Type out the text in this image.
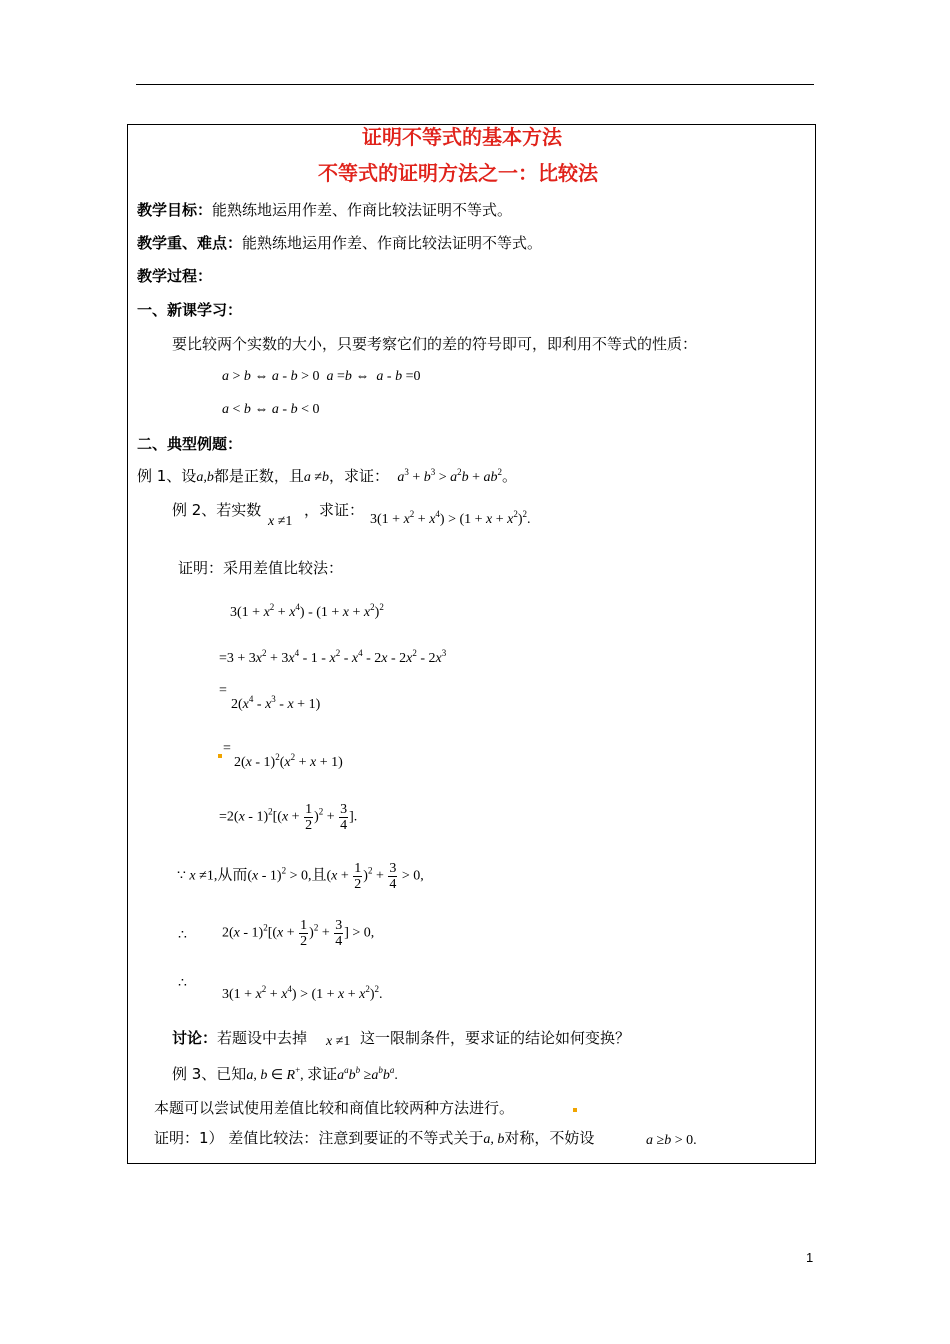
证明不等式的基本方法
不等式的证明方法之一：比较法
教学目标：能熟练地运用作差、作商比较法证明不等式。
教学重、难点：能熟练地运用作差、作商比较法证明不等式。
教学过程：
一、新课学习：
要比较两个实数的大小，只要考察它们的差的符号即可，即利用不等式的性质：
a > b ⇔ a - b > 0  a =b ⇔  a - b =0
a < b ⇔ a - b < 0
二、典型例题：
例 1、设a,b都是正数，且a ≠b，求证： $a^3 + b^3 > a^2b + ab^2$。
例 2、若实数
x ≠1
，求证：
$3(1 + x^2 + x^4) > (1 + x + x^2)^2$.
证明：采用差值比较法：
$3(1 + x^2 + x^4) - (1 + x + x^2)^2$
$=3 + 3x^2 + 3x^4 - 1 - x^2 - x^4 - 2x - 2x^2 - 2x^3$
=
$2(x^4 - x^3 - x + 1)$
=
$2(x - 1)^2(x^2 + x + 1)$
$=2(x - 1)^2[(x + \frac{1}{2} )^2 + \frac{3}{4}$ ].
∵ x ≠1,从而(x - 1)$^2$ > 0,且$(x + \frac{1}{2} )^2 + \frac{3}{4} > 0$,
∴	$2(x - 1)^2[(x + \frac{1}{2} )^2 + \frac{3}{4}$ ] > 0,
∴
$3(1 + x^2 + x^4) > (1 + x + x^2)^2$.
讨论：若题设中去掉 x ≠1 这一限制条件，要求证的结论如何变换？
例 3、已知a, b ∈ R+, 求证$a^ab^b \ge a^bb^a$.
本题可以尝试使用差值比较和商值比较两种方法进行。
证明：1） 差值比较法：注意到要证的不等式关于a, b对称，不妨设	a ≥b > 0.
1
